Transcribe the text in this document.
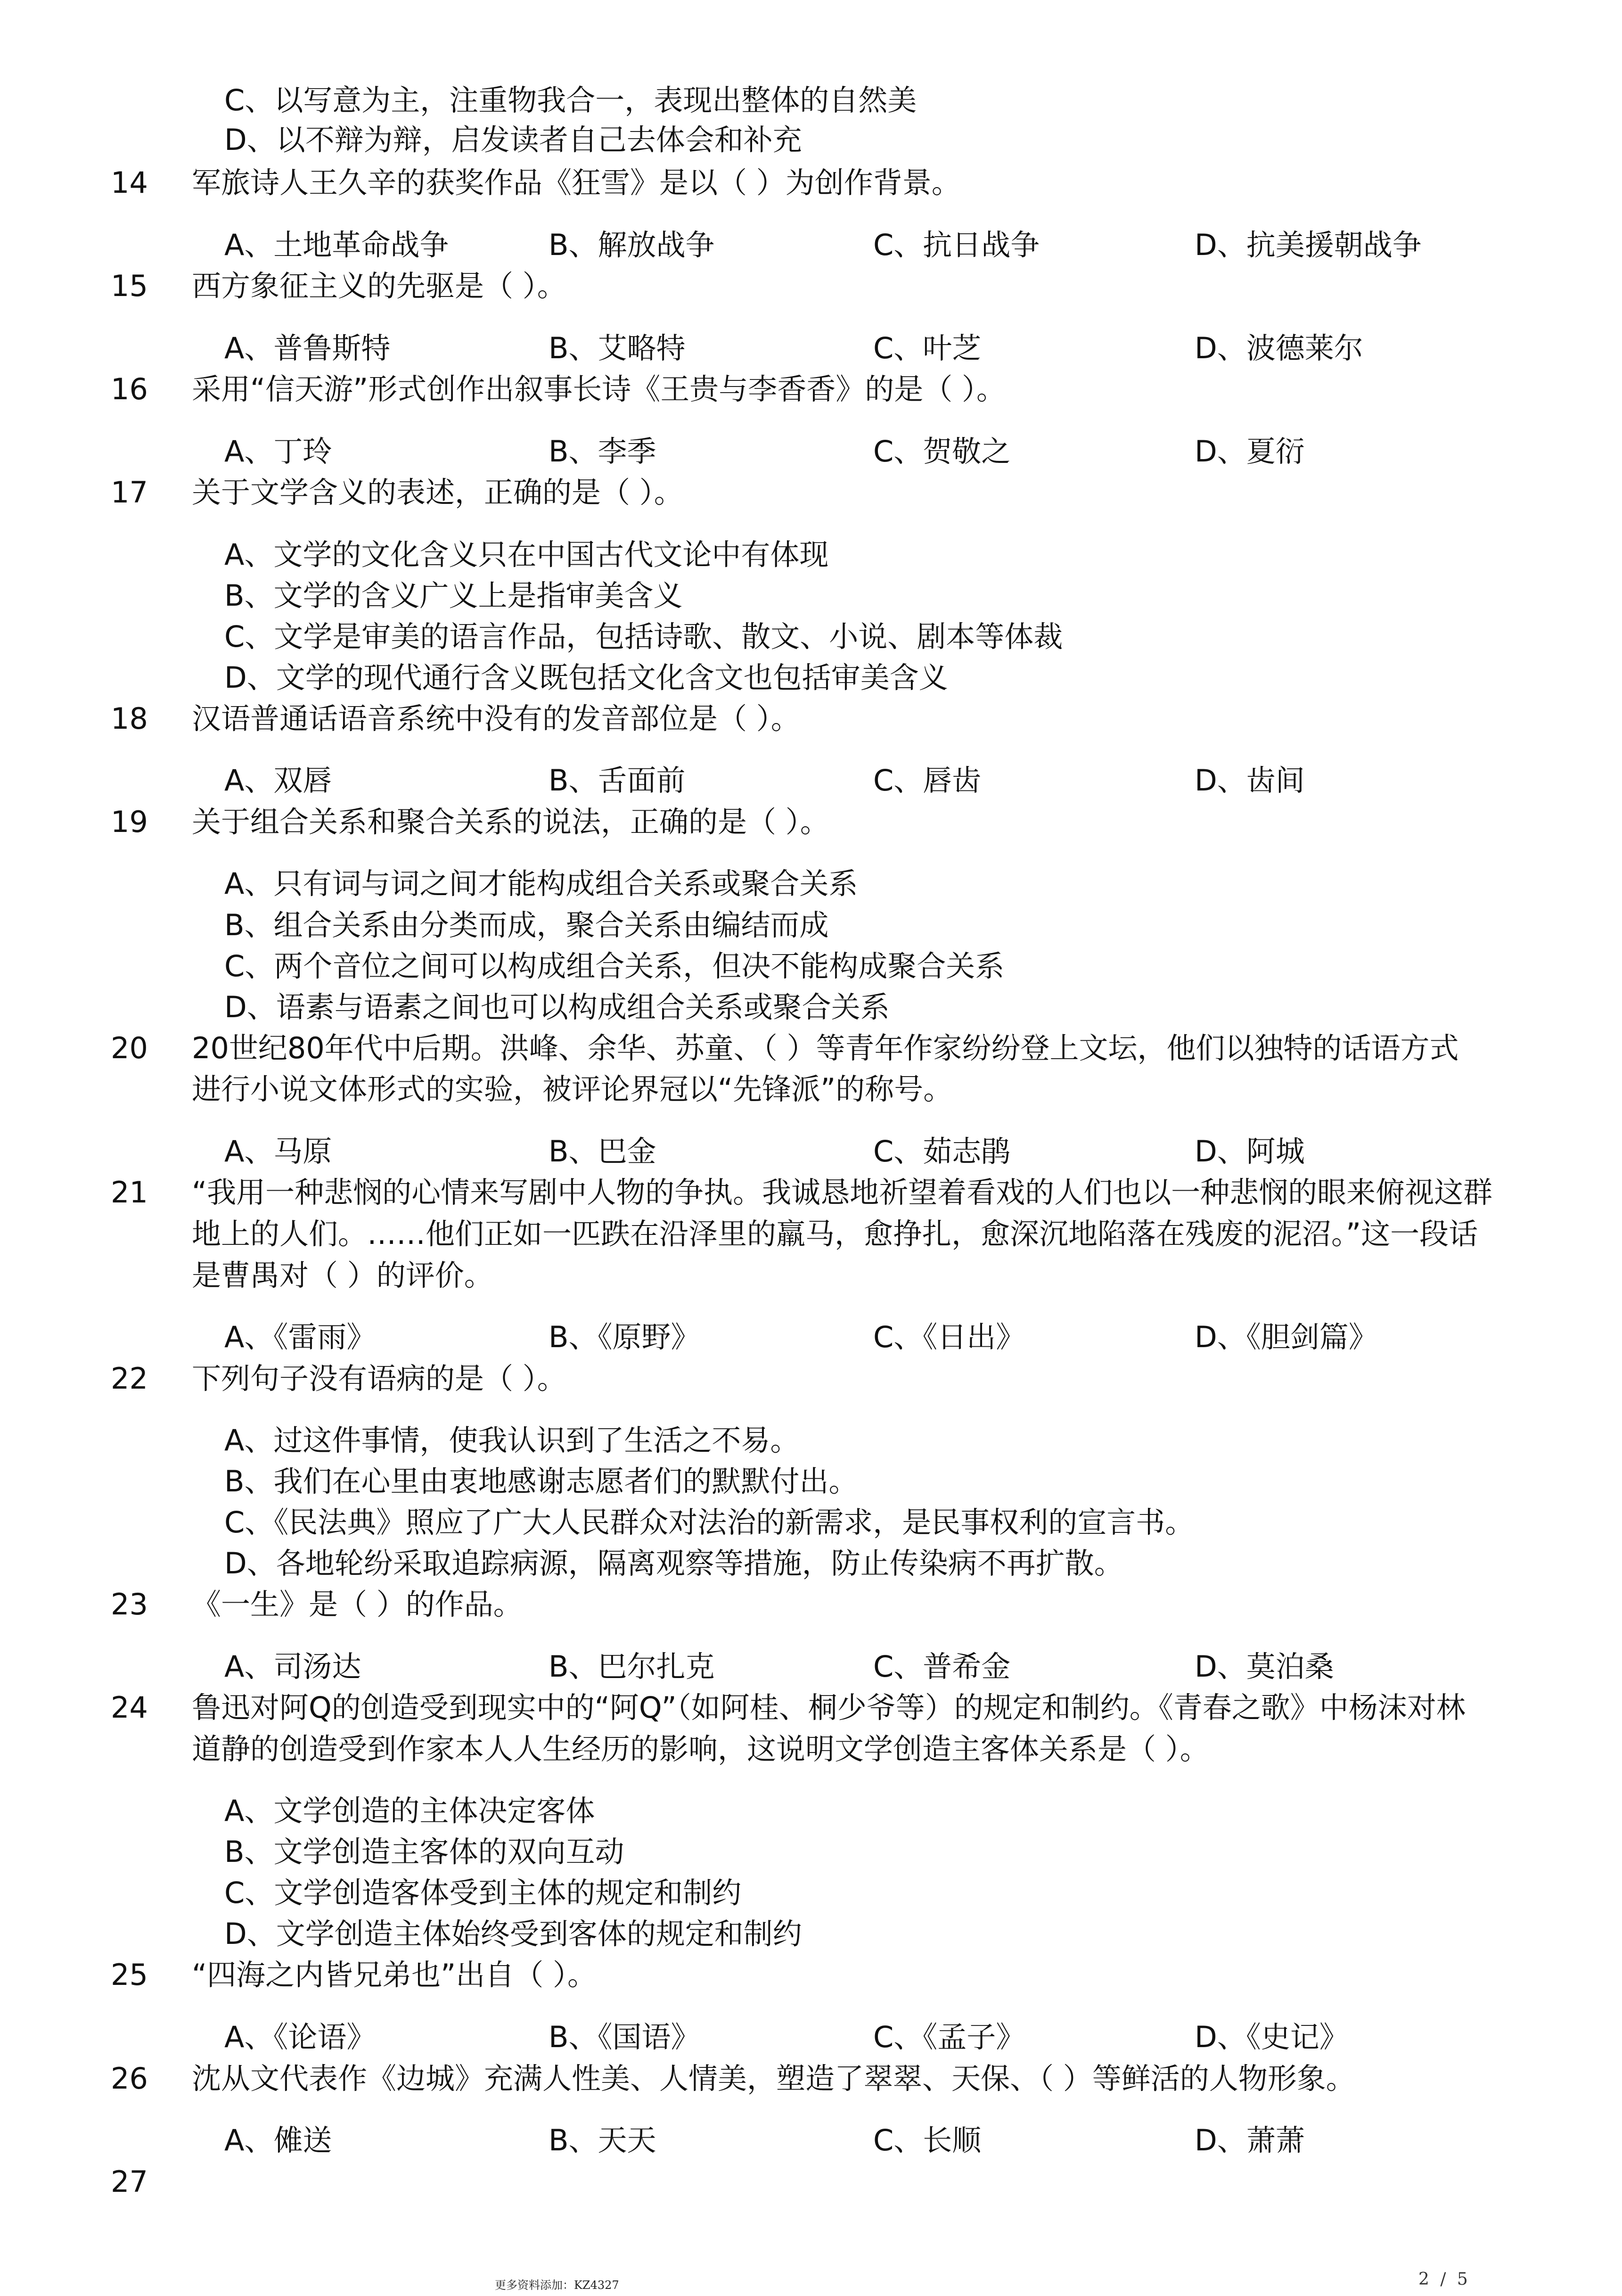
C、以写意为主，注重物我合一，表现出整体的自然美
D、以不辩为辩，启发读者自己去体会和补充
14 军旅诗人王久辛的获奖作品《狂雪》是以（ ）为创作背景。
A、土地革命战争	B、解放战争	C、抗日战争	D、抗美援朝战争
15 西方象征主义的先驱是（ ）。
A、普鲁斯特	B、艾略特	C、叶芝	D、波德莱尔
16 采用“信天游”形式创作出叙事长诗《王贵与李香香》的是（ ）。
A、丁玲	B、李季	C、贺敬之	D、夏衍
17 关于文学含义的表述，正确的是（ ）。
A、文学的文化含义只在中国古代文论中有体现
B、文学的含义广义上是指审美含义
C、文学是审美的语言作品，包括诗歌、散文、小说、剧本等体裁
D、文学的现代通行含义既包括文化含文也包括审美含义
18 汉语普通话语音系统中没有的发音部位是（ ）。
A、双唇	B、舌面前	C、唇齿	D、齿间
19 关于组合关系和聚合关系的说法，正确的是（ ）。
A、只有词与词之间才能构成组合关系或聚合关系
B、组合关系由分类而成，聚合关系由编结而成
C、两个音位之间可以构成组合关系，但决不能构成聚合关系
D、语素与语素之间也可以构成组合关系或聚合关系
20 20世纪80年代中后期。洪峰、余华、苏童、（ ）等青年作家纷纷登上文坛，他们以独特的话语方式
进行小说文体形式的实验，被评论界冠以“先锋派”的称号。
A、马原	B、巴金	C、茹志鹃	D、阿城
21 “我用一种悲悯的心情来写剧中人物的争执。我诚恳地祈望着看戏的人们也以一种悲悯的眼来俯视这群
地上的人们。……他们正如一匹跌在沿泽里的羸马，愈挣扎，愈深沉地陷落在残废的泥沼。”这一段话
是曹禺对（ ）的评价。
A、《雷雨》	B、《原野》	C、《日出》	D、《胆剑篇》
22 下列句子没有语病的是（ ）。
A、过这件事情，使我认识到了生活之不易。
B、我们在心里由衷地感谢志愿者们的默默付出。
C、《民法典》照应了广大人民群众对法治的新需求，是民事权利的宣言书。
D、各地轮纷采取追踪病源，隔离观察等措施，防止传染病不再扩散。
23 《一生》是（ ）的作品。
A、司汤达	B、巴尔扎克	C、普希金	D、莫泊桑
24 鲁迅对阿Q的创造受到现实中的“阿Q”（如阿桂、桐少爷等）的规定和制约。《青春之歌》中杨沫对林
道静的创造受到作家本人人生经历的影响，这说明文学创造主客体关系是（ ）。
A、文学创造的主体决定客体
B、文学创造主客体的双向互动
C、文学创造客体受到主体的规定和制约
D、文学创造主体始终受到客体的规定和制约
25 “四海之内皆兄弟也”出自（ ）。
A、《论语》	B、《国语》	C、《孟子》	D、《史记》
26 沈从文代表作《边城》充满人性美、人情美，塑造了翠翠、天保、（ ）等鲜活的人物形象。
A、傩送	B、天天	C、长顺	D、萧萧
27
更多资料添加：KZ4327	2 / 5
